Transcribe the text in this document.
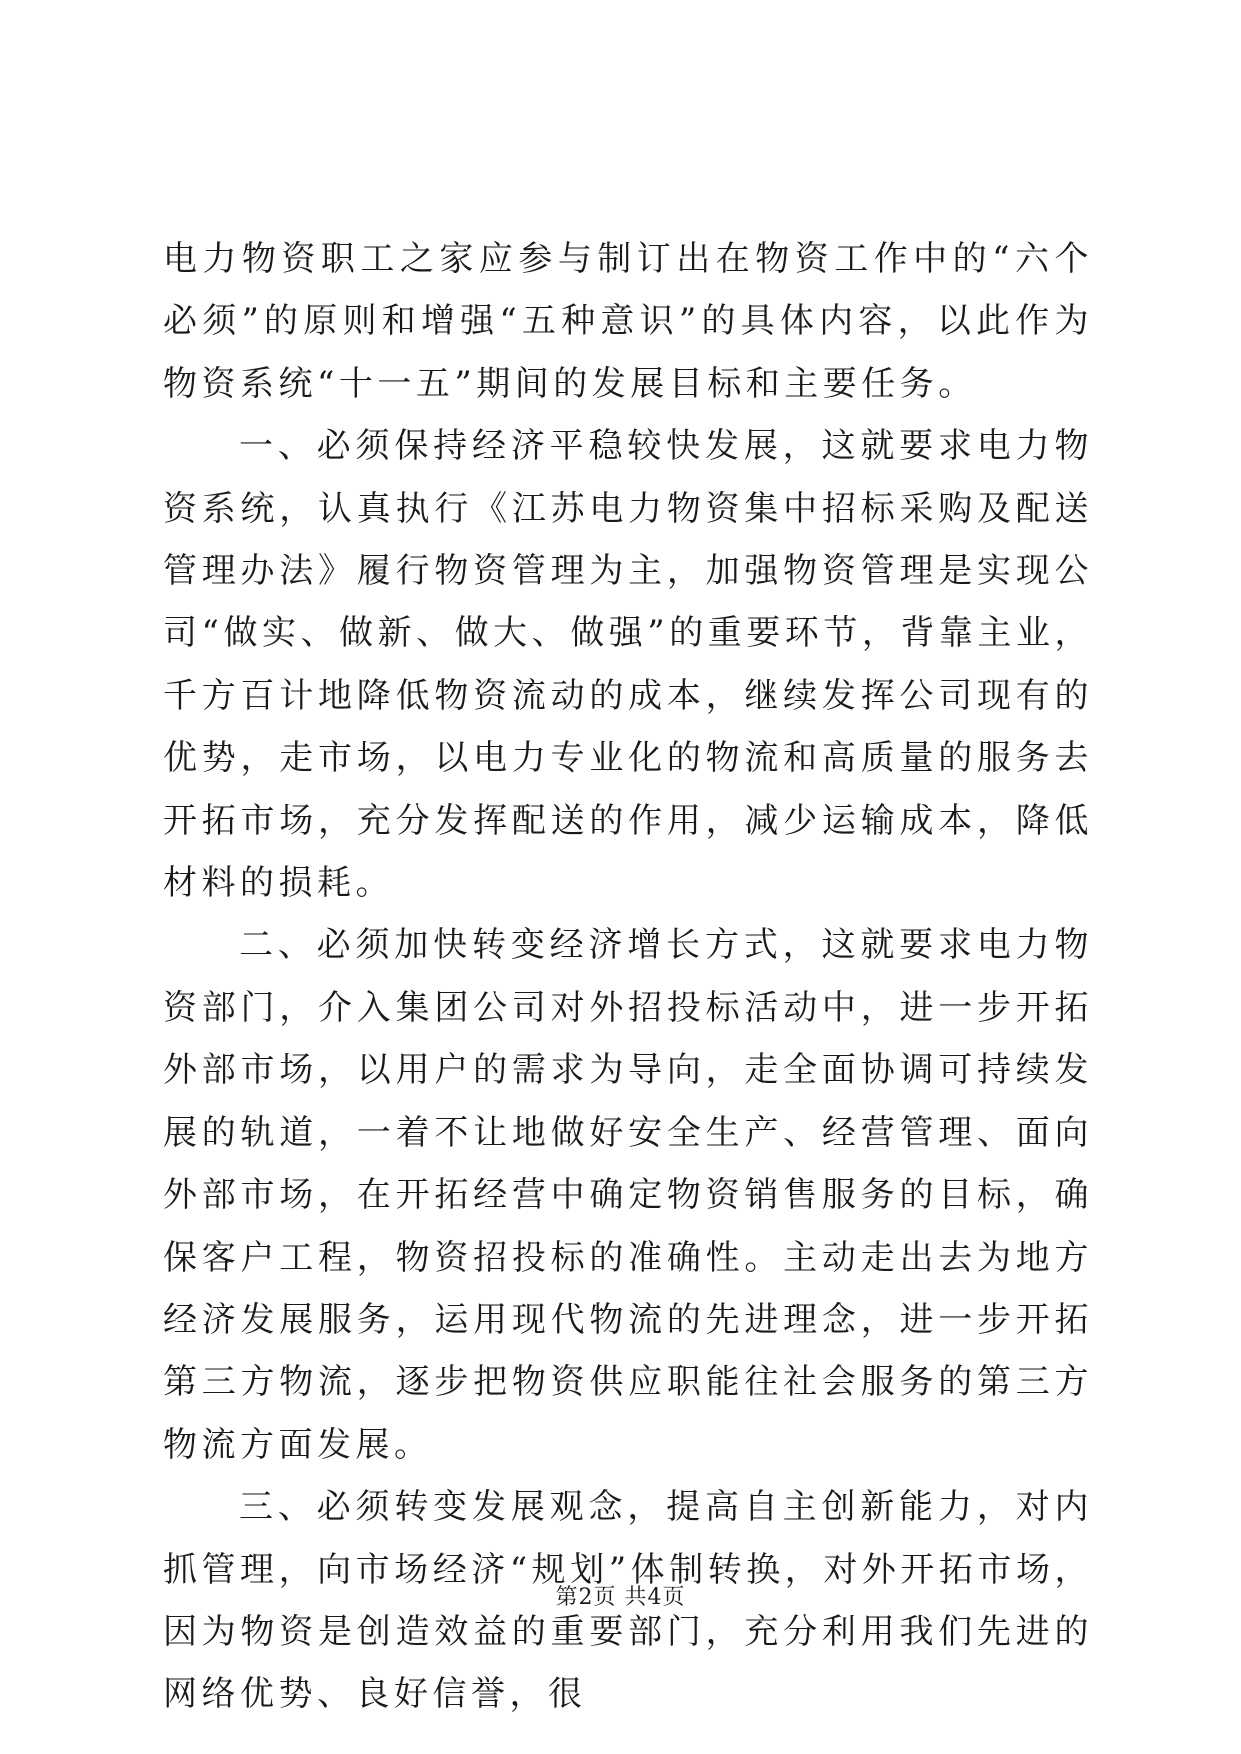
电力物资职工之家应参与制订出在物资工作中的“六个必须”的原则和增强“五种意识”的具体内容，以此作为物资系统“十一五”期间的发展目标和主要任务。

一、必须保持经济平稳较快发展，这就要求电力物资系统，认真执行《江苏电力物资集中招标采购及配送管理办法》履行物资管理为主，加强物资管理是实现公司“做实、做新、做大、做强”的重要环节，背靠主业，千方百计地降低物资流动的成本，继续发挥公司现有的优势，走市场，以电力专业化的物流和高质量的服务去开拓市场，充分发挥配送的作用，减少运输成本，降低材料的损耗。

二、必须加快转变经济增长方式，这就要求电力物资部门，介入集团公司对外招投标活动中，进一步开拓外部市场，以用户的需求为导向，走全面协调可持续发展的轨道，一着不让地做好安全生产、经营管理、面向外部市场，在开拓经营中确定物资销售服务的目标，确保客户工程，物资招投标的准确性。主动走出去为地方经济发展服务，运用现代物流的先进理念，进一步开拓第三方物流，逐步把物资供应职能往社会服务的第三方物流方面发展。

三、必须转变发展观念，提高自主创新能力，对内抓管理，向市场经济“规划”体制转换，对外开拓市场，因为物资是创造效益的重要部门，充分利用我们先进的网络优势、良好信誉，很

第2页 共4页
